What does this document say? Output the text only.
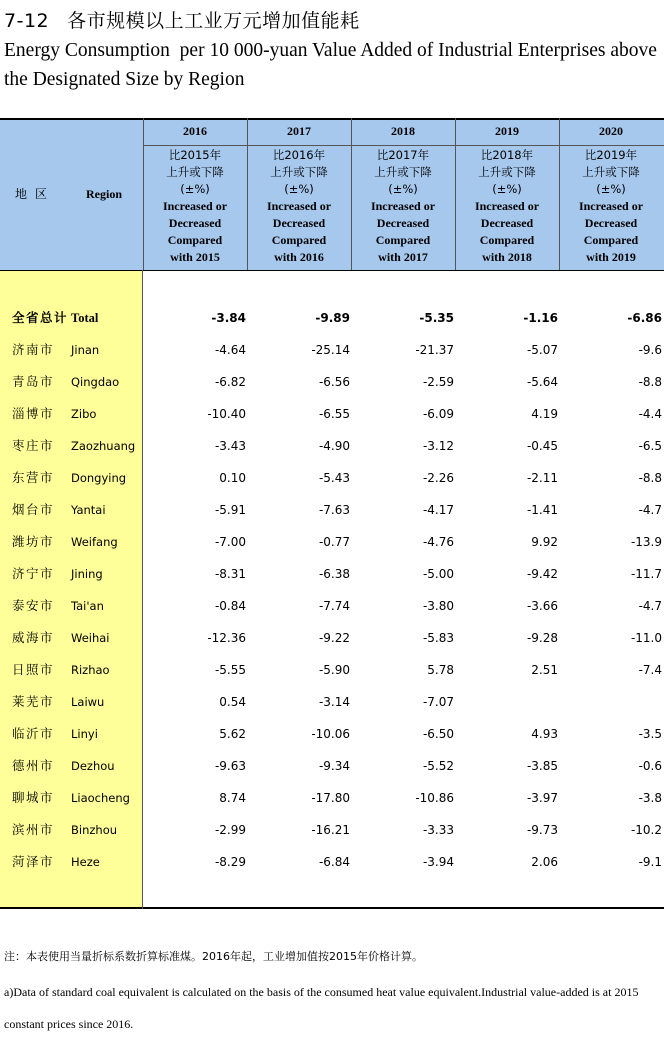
7-12 各市规模以上工业万元增加值能耗
Energy Consumption  per 10 000-yuan Value Added of Industrial Enterprises above the Designated Size by Region
地区	Region
2016
比2015年
上升或下降
(±%)
Increased or
Decreased
Compared
with 2015
2017
比2016年
上升或下降
(±%)
Increased or
Decreased
Compared
with 2016
2018
比2017年
上升或下降
(±%)
Increased or
Decreased
Compared
with 2017
2019
比2018年
上升或下降
(±%)
Increased or
Decreased
Compared
with 2018
2020
比2019年
上升或下降
(±%)
Increased or
Decreased
Compared
with 2019
全省总计 Total	-3.84	-9.89	-5.35	-1.16	-6.86
济南市 Jinan	-4.64	-25.14	-21.37	-5.07	-9.6
青岛市 Qingdao	-6.82	-6.56	-2.59	-5.64	-8.8
淄博市 Zibo	-10.40	-6.55	-6.09	4.19	-4.4
枣庄市 Zaozhuang	-3.43	-4.90	-3.12	-0.45	-6.5
东营市 Dongying	0.10	-5.43	-2.26	-2.11	-8.8
烟台市 Yantai	-5.91	-7.63	-4.17	-1.41	-4.7
潍坊市 Weifang	-7.00	-0.77	-4.76	9.92	-13.9
济宁市 Jining	-8.31	-6.38	-5.00	-9.42	-11.7
泰安市 Tai'an	-0.84	-7.74	-3.80	-3.66	-4.7
威海市 Weihai	-12.36	-9.22	-5.83	-9.28	-11.0
日照市 Rizhao	-5.55	-5.90	5.78	2.51	-7.4
莱芜市 Laiwu	0.54	-3.14	-7.07
临沂市 Linyi	5.62	-10.06	-6.50	4.93	-3.5
德州市 Dezhou	-9.63	-9.34	-5.52	-3.85	-0.6
聊城市 Liaocheng	8.74	-17.80	-10.86	-3.97	-3.8
滨州市 Binzhou	-2.99	-16.21	-3.33	-9.73	-10.2
菏泽市 Heze	-8.29	-6.84	-3.94	2.06	-9.1
注：本表使用当量折标系数折算标准煤。2016年起，工业增加值按2015年价格计算。
a)Data of standard coal equivalent is calculated on the basis of the consumed heat value equivalent.Industrial value-added is at 2015 constant prices since 2016.
